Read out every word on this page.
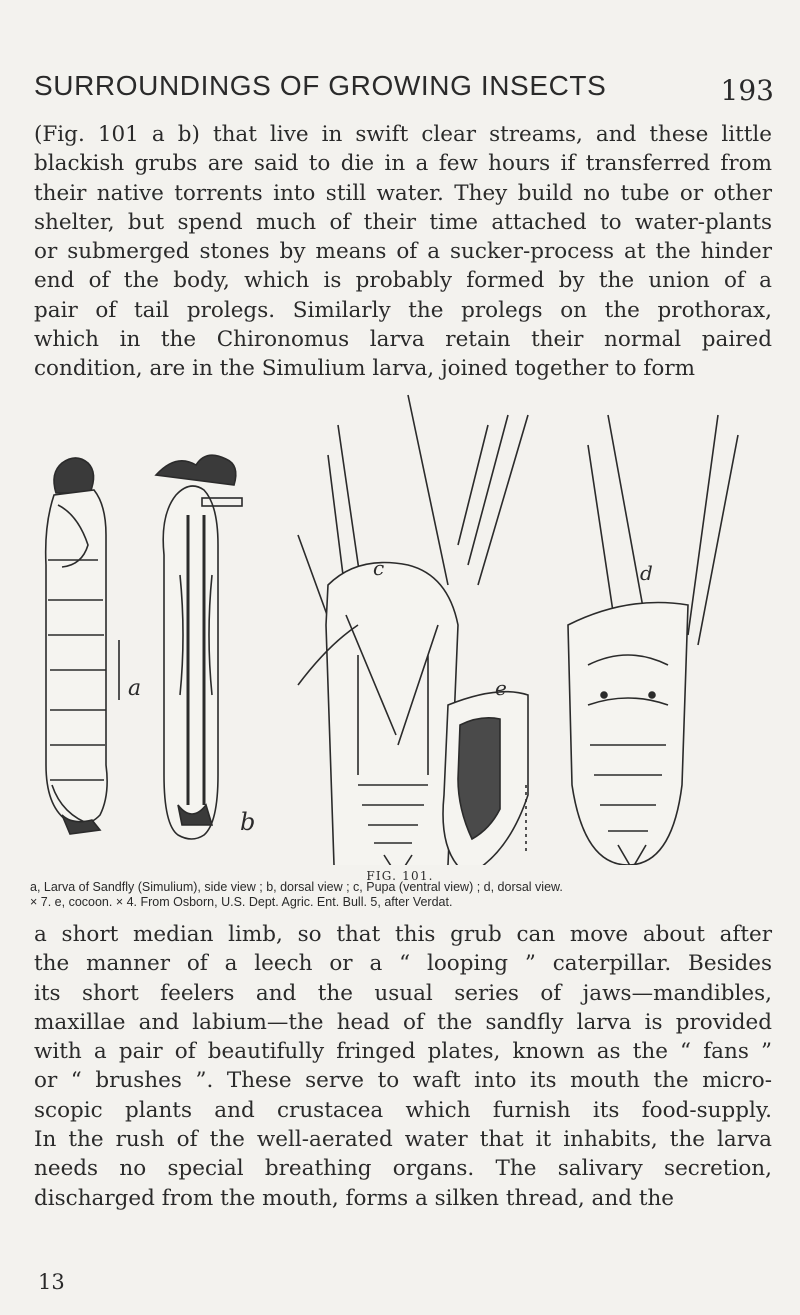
SURROUNDINGS OF GROWING INSECTS	193
(Fig. 101 a b) that live in swift clear streams, and these little
blackish grubs are said to die in a few hours if transferred from
their native torrents into still water. They build no tube or other
shelter, but spend much of their time attached to water-plants
or submerged stones by means of a sucker-process at the hinder
end of the body, which is probably formed by the union of a
pair of tail prolegs. Similarly the prolegs on the prothorax,
which in the Chironomus larva retain their normal paired
condition, are in the Simulium larva, joined together to form
a
b
c	d
e
FIG. 101.
a, Larva of Sandfly (Simulium), side view ; b, dorsal view ; c, Pupa (ventral view) ; d, dorsal view.
× 7. e, cocoon. × 4. From Osborn, U.S. Dept. Agric. Ent. Bull. 5, after Verdat.
a short median limb, so that this grub can move about after
the manner of a leech or a “ looping ” caterpillar. Besides
its short feelers and the usual series of jaws—mandibles,
maxillae and labium—the head of the sandfly larva is provided
with a pair of beautifully fringed plates, known as the “ fans ”
or “ brushes ”. These serve to waft into its mouth the micro-
scopic plants and crustacea which furnish its food-supply.
In the rush of the well-aerated water that it inhabits, the larva
needs no special breathing organs. The salivary secretion,
discharged from the mouth, forms a silken thread, and the
13
